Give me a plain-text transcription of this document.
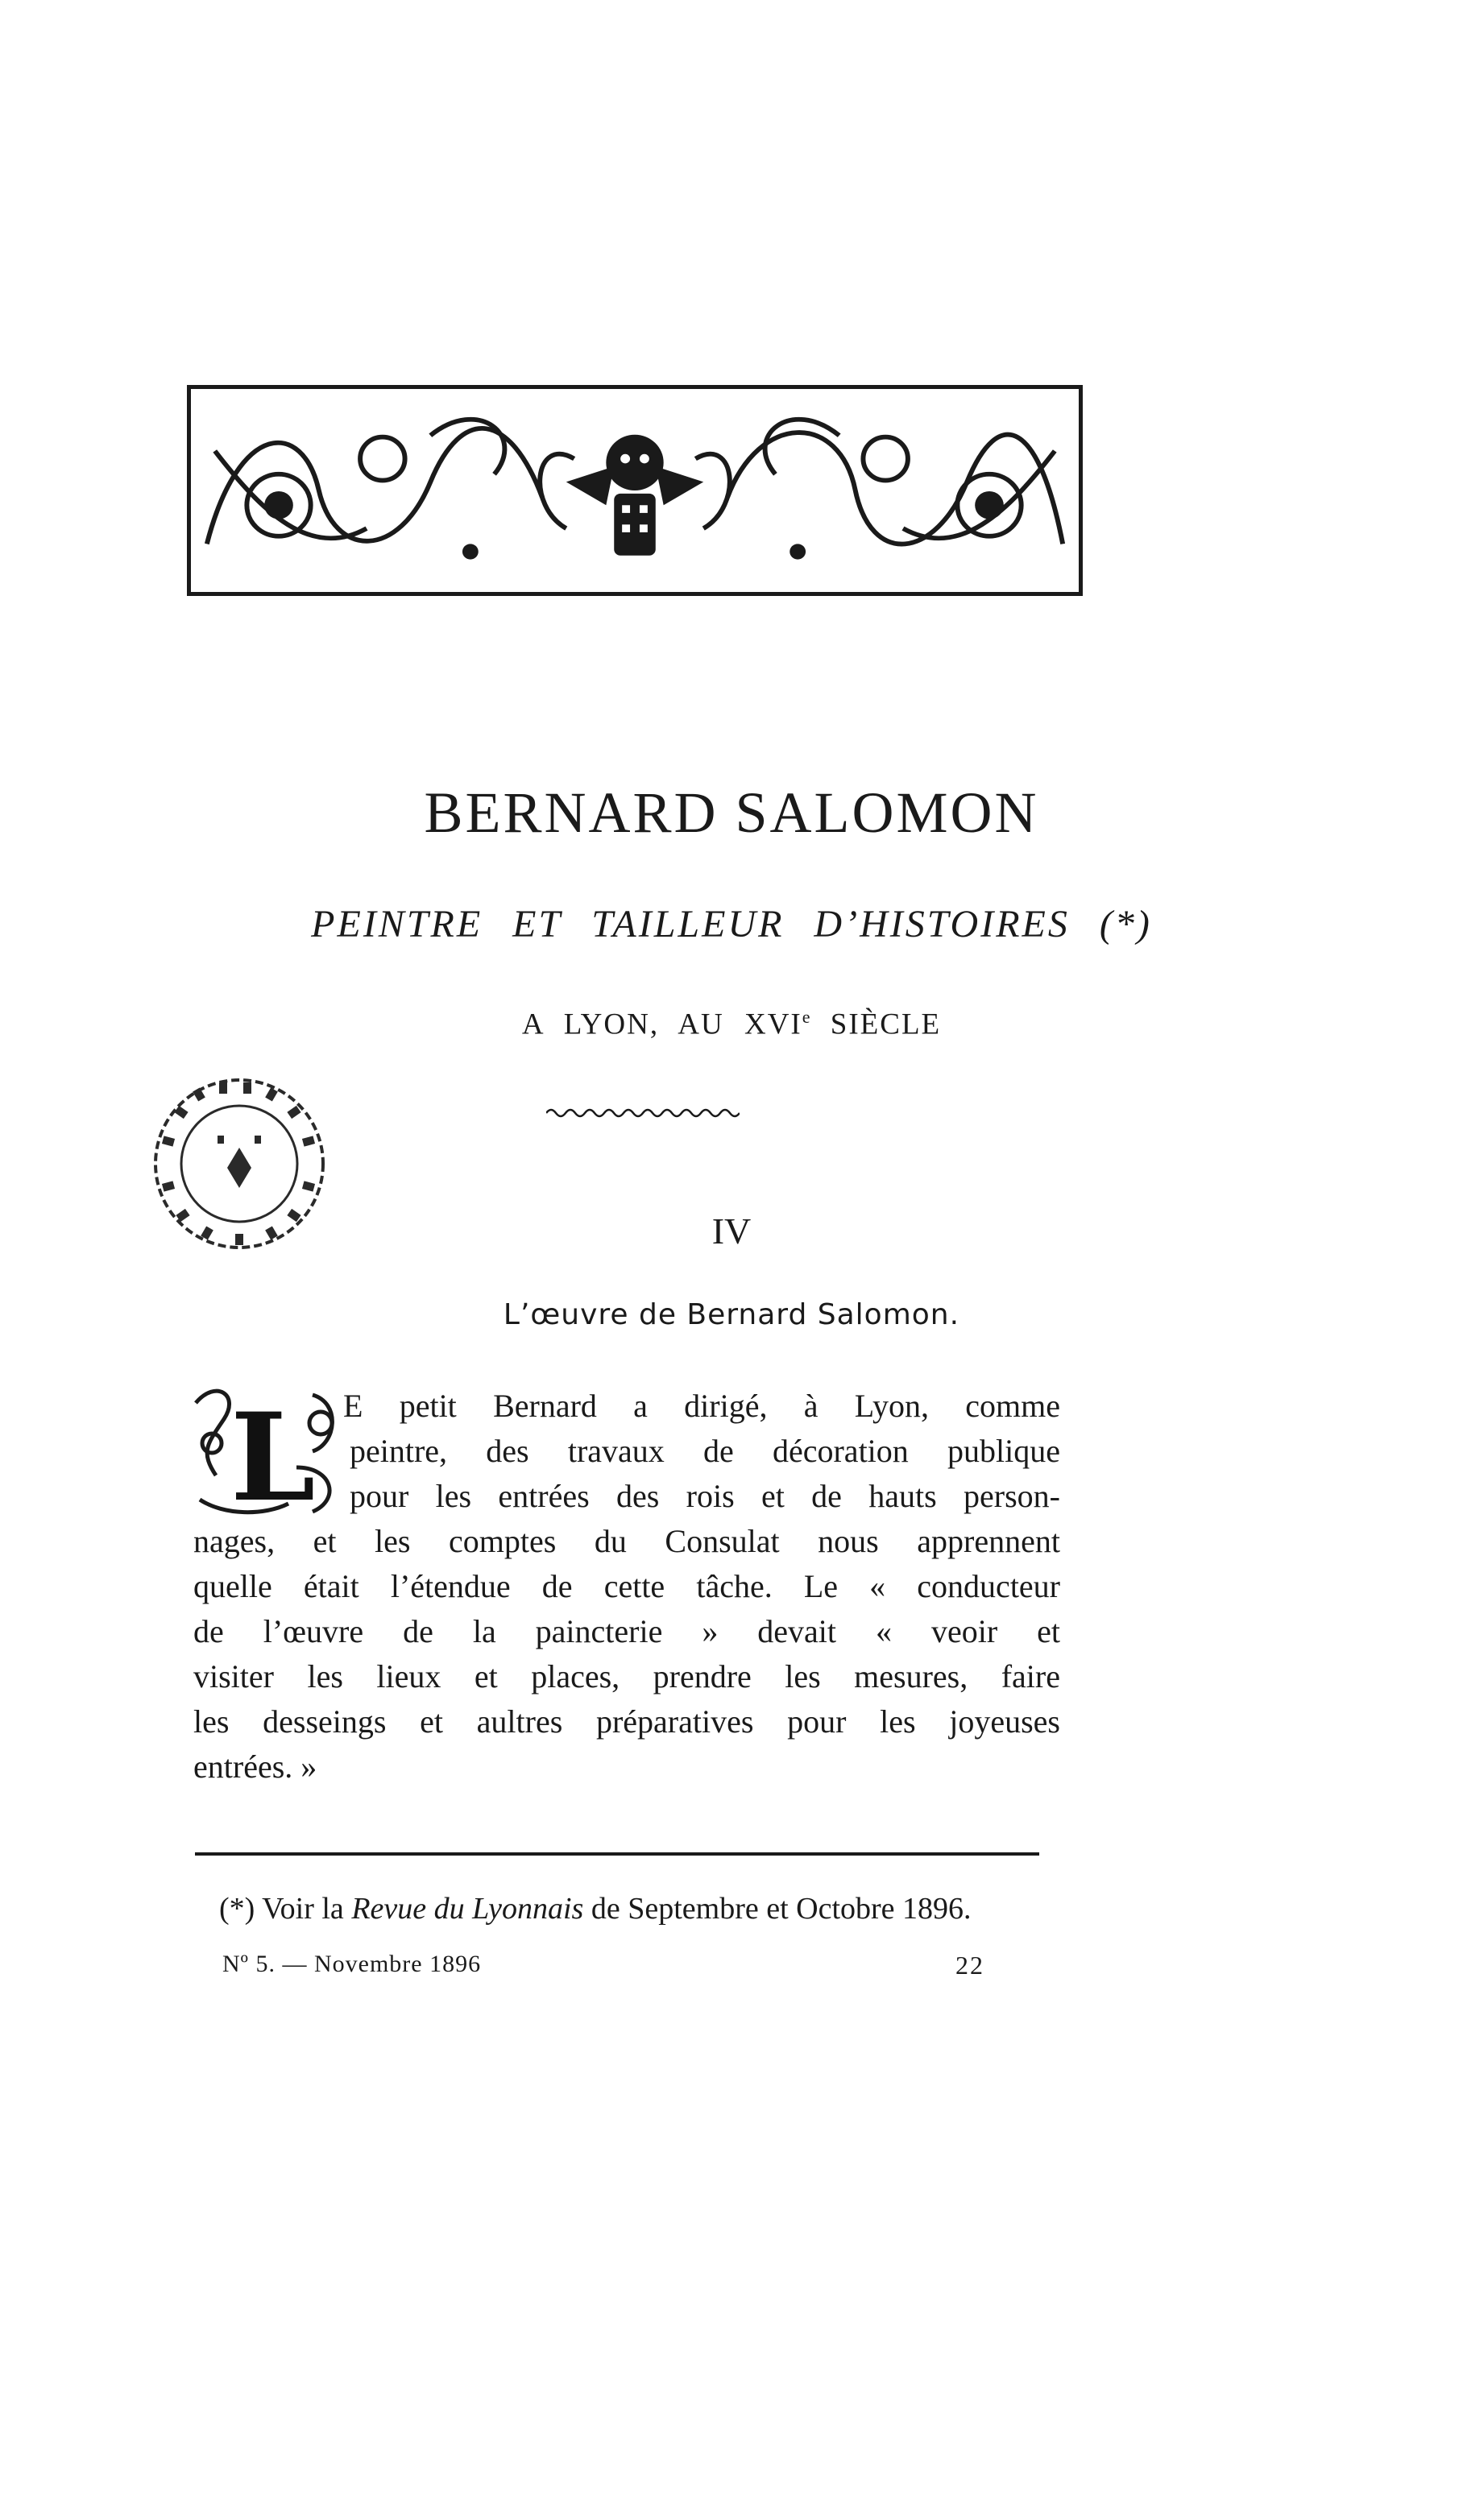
BERNARD SALOMON
PEINTRE ET TAILLEUR D’HISTOIRES (*)
A LYON, AU XVIe SIÈCLE
IV
L’œuvre de Bernard Salomon.
L E petit Bernard a dirigé, à Lyon, comme
peintre, des travaux de décoration publique
pour les entrées des rois et de hauts person-
nages, et les comptes du Consulat nous apprennent
quelle était l’étendue de cette tâche. Le « conducteur
de l’œuvre de la paincterie » devait « veoir et
visiter les lieux et places, prendre les mesures, faire
les desseings et aultres préparatives pour les joyeuses
entrées. »
(*) Voir la Revue du Lyonnais de Septembre et Octobre 1896.
Nº 5. — Novembre 1896	22
